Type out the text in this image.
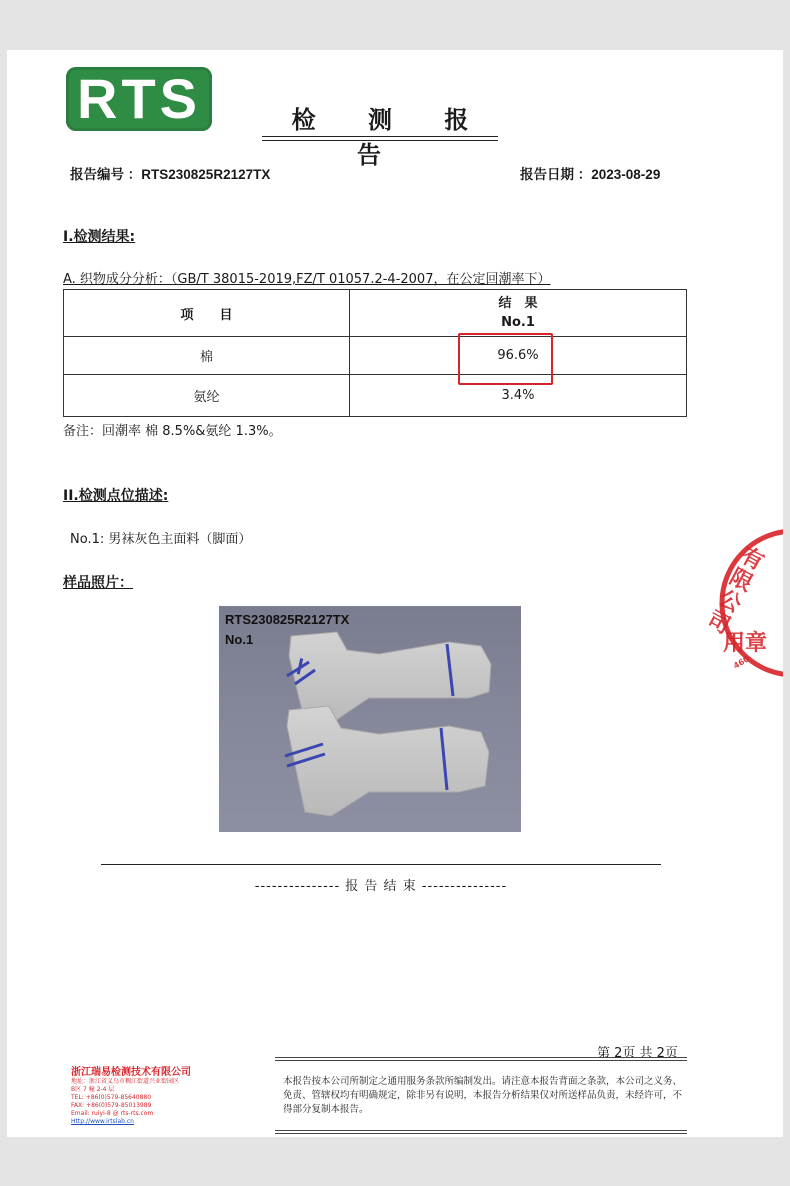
RTS	检 测 报 告
报告编号 ：RTS230825R2127TX	报告日期 ：2023-08-29
I.检测结果:
A. 织物成分分析：（GB/T 38015-2019,FZ/T 01057.2-4-2007，在公定回潮率下）
项　　目	结　果
No.1

棉	96.6%
氨纶	3.4%
备注：回潮率 棉 8.5%&氨纶 1.3%。
II.检测点位描述:
No.1: 男袜灰色主面料（脚面）
样品照片：
RTS230825R2127TX
No.1
--------------- 报 告 结 束 ---------------
有限公司
用章
460
第 2页 共 2页
浙江瑞易检测技术有限公司
地址：浙江省义乌市稠江街道兴业街园区
B区 7 幢 2-4 层
TEL: +86(0)579-85640880
FAX: +86(0)579-85013989
Email: ruiyi-8 @ rts-rts.com
Http://www.irtslab.cn
本报告按本公司所制定之通用服务条款所编制发出。请注意本报告背面之条款，本公司之义务、免责、管辖权均有明确规定，除非另有说明，本报告分析结果仅对所送样品负责，未经许可，不得部分复制本报告。
